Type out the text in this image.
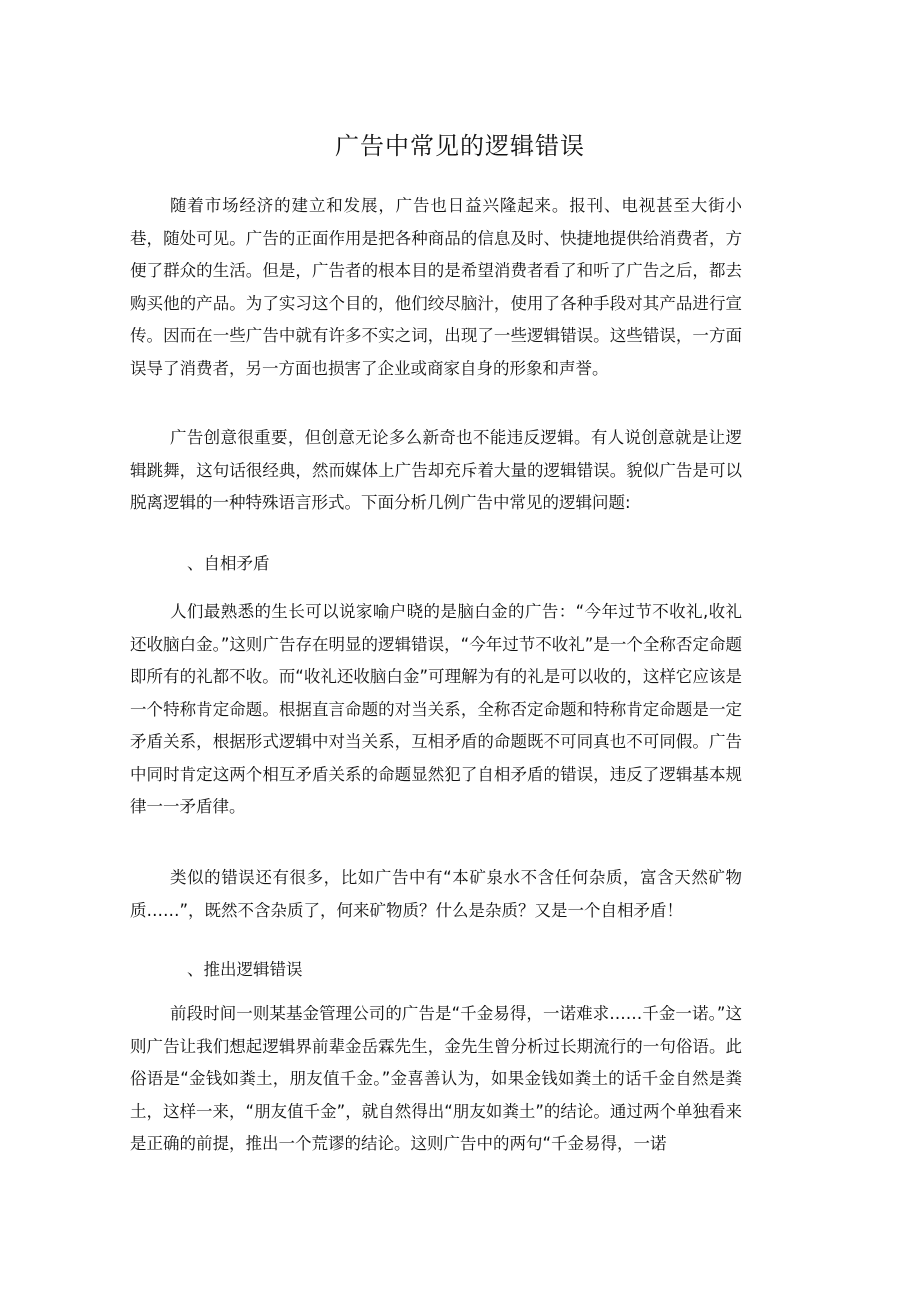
广告中常见的逻辑错误

随着市场经济的建立和发展，广告也日益兴隆起来。报刊、电视甚至大街小巷，随处可见。广告的正面作用是把各种商品的信息及时、快捷地提供给消费者，方便了群众的生活。但是，广告者的根本目的是希望消费者看了和听了广告之后，都去购买他的产品。为了实习这个目的，他们绞尽脑汁，使用了各种手段对其产品进行宣传。因而在一些广告中就有许多不实之词，出现了一些逻辑错误。这些错误，一方面误导了消费者，另一方面也损害了企业或商家自身的形象和声誉。

广告创意很重要，但创意无论多么新奇也不能违反逻辑。有人说创意就是让逻辑跳舞，这句话很经典，然而媒体上广告却充斥着大量的逻辑错误。貌似广告是可以脱离逻辑的一种特殊语言形式。下面分析几例广告中常见的逻辑问题:

、自相矛盾

人们最熟悉的生长可以说家喻户晓的是脑白金的广告：“今年过节不收礼,收礼还收脑白金。”这则广告存在明显的逻辑错误，“今年过节不收礼”是一个全称否定命题即所有的礼都不收。而“收礼还收脑白金”可理解为有的礼是可以收的，这样它应该是一个特称肯定命题。根据直言命题的对当关系，全称否定命题和特称肯定命题是一定矛盾关系，根据形式逻辑中对当关系，互相矛盾的命题既不可同真也不可同假。广告中同时肯定这两个相互矛盾关系的命题显然犯了自相矛盾的错误，违反了逻辑基本规律一一矛盾律。

类似的错误还有很多，比如广告中有“本矿泉水不含任何杂质，富含天然矿物质……”，既然不含杂质了，何来矿物质？什么是杂质？又是一个自相矛盾！

、推出逻辑错误

前段时间一则某基金管理公司的广告是“千金易得，一诺难求……千金一诺。”这则广告让我们想起逻辑界前辈金岳霖先生，金先生曾分析过长期流行的一句俗语。此俗语是“金钱如粪土，朋友值千金。”金喜善认为，如果金钱如粪土的话千金自然是粪土，这样一来，“朋友值千金”，就自然得出“朋友如粪土”的结论。通过两个单独看来是正确的前提，推出一个荒谬的结论。这则广告中的两句“千金易得，一诺
